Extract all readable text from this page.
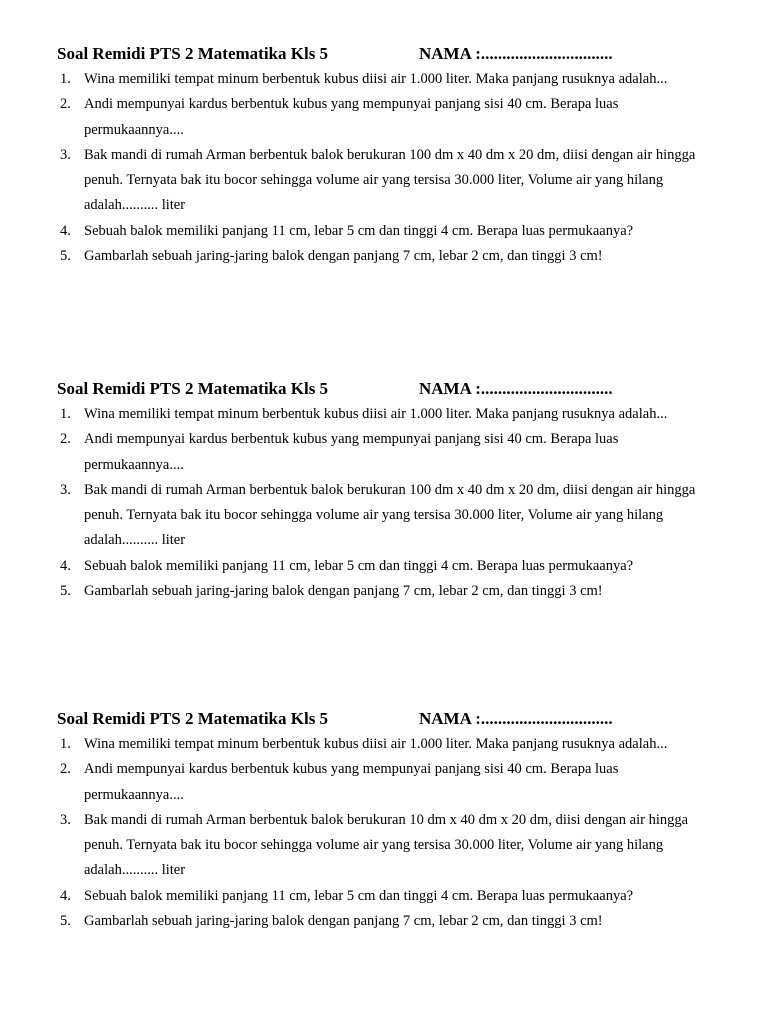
Soal Remidi PTS 2 Matematika Kls 5	NAMA :...............................
1. Wina memiliki tempat minum berbentuk kubus diisi air 1.000 liter. Maka panjang rusuknya adalah...
2. Andi mempunyai kardus berbentuk kubus yang mempunyai panjang sisi 40 cm. Berapa luas permukaannya....
3. Bak mandi di rumah Arman berbentuk balok berukuran 100 dm x 40 dm x 20 dm, diisi dengan air hingga penuh. Ternyata bak itu bocor sehingga volume air yang tersisa 30.000 liter, Volume air yang hilang adalah.......... liter
4. Sebuah balok memiliki panjang 11 cm, lebar 5 cm dan tinggi 4 cm. Berapa luas permukaanya?
5. Gambarlah sebuah jaring-jaring balok dengan panjang 7 cm, lebar 2 cm, dan tinggi 3 cm!
Soal Remidi PTS 2 Matematika Kls 5	NAMA :...............................
1. Wina memiliki tempat minum berbentuk kubus diisi air 1.000 liter. Maka panjang rusuknya adalah...
2. Andi mempunyai kardus berbentuk kubus yang mempunyai panjang sisi 40 cm. Berapa luas permukaannya....
3. Bak mandi di rumah Arman berbentuk balok berukuran 100 dm x 40 dm x 20 dm, diisi dengan air hingga penuh. Ternyata bak itu bocor sehingga volume air yang tersisa 30.000 liter, Volume air yang hilang adalah.......... liter
4. Sebuah balok memiliki panjang 11 cm, lebar 5 cm dan tinggi 4 cm. Berapa luas permukaanya?
5. Gambarlah sebuah jaring-jaring balok dengan panjang 7 cm, lebar 2 cm, dan tinggi 3 cm!
Soal Remidi PTS 2 Matematika Kls 5	NAMA :...............................
1. Wina memiliki tempat minum berbentuk kubus diisi air 1.000 liter. Maka panjang rusuknya adalah...
2. Andi mempunyai kardus berbentuk kubus yang mempunyai panjang sisi 40 cm. Berapa luas permukaannya....
3. Bak mandi di rumah Arman berbentuk balok berukuran 10 dm x 40 dm x 20 dm, diisi dengan air hingga penuh. Ternyata bak itu bocor sehingga volume air yang tersisa 30.000 liter, Volume air yang hilang adalah.......... liter
4. Sebuah balok memiliki panjang 11 cm, lebar 5 cm dan tinggi 4 cm. Berapa luas permukaanya?
5. Gambarlah sebuah jaring-jaring balok dengan panjang 7 cm, lebar 2 cm, dan tinggi 3 cm!
